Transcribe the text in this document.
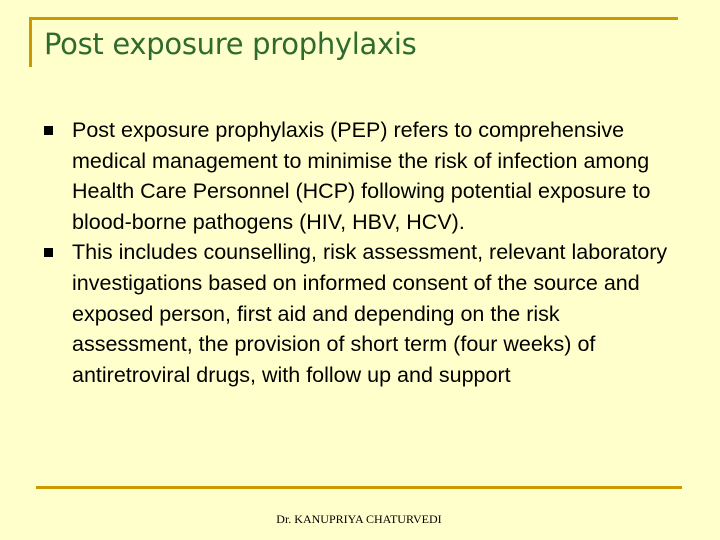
Post exposure prophylaxis
Post exposure prophylaxis (PEP) refers to comprehensive medical management to minimise the risk of infection among Health Care Personnel (HCP) following potential exposure to blood-borne pathogens (HIV, HBV, HCV).
This includes counselling, risk assessment, relevant laboratory investigations based on informed consent of the source and exposed person, first aid and depending on the risk assessment, the provision of short term (four weeks) of antiretroviral drugs, with follow up and support
Dr. KANUPRIYA CHATURVEDI
